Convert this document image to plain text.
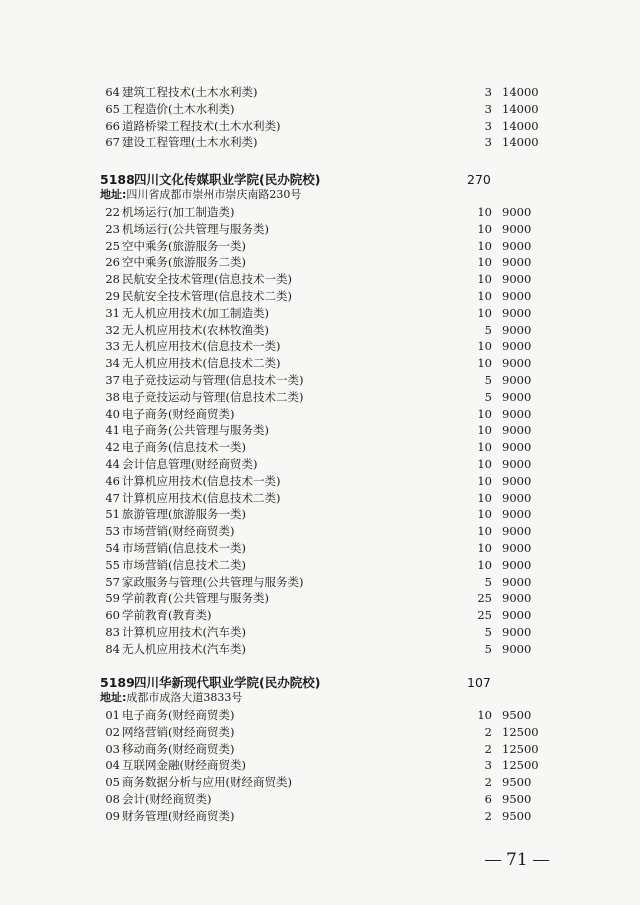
64 建筑工程技术(土木水利类)	3 14000
65 工程造价(土木水利类)	3 14000
66 道路桥梁工程技术(土木水利类)	3 14000
67 建设工程管理(土木水利类)	3 14000
5188 四川文化传媒职业学院(民办院校)	270
地址:四川省成都市崇州市崇庆南路230号
22 机场运行(加工制造类)	10 9000
23 机场运行(公共管理与服务类)	10 9000
25 空中乘务(旅游服务一类)	10 9000
26 空中乘务(旅游服务二类)	10 9000
28 民航安全技术管理(信息技术一类)	10 9000
29 民航安全技术管理(信息技术二类)	10 9000
31 无人机应用技术(加工制造类)	10 9000
32 无人机应用技术(农林牧渔类)	5 9000
33 无人机应用技术(信息技术一类)	10 9000
34 无人机应用技术(信息技术二类)	10 9000
37 电子竞技运动与管理(信息技术一类)	5 9000
38 电子竞技运动与管理(信息技术二类)	5 9000
40 电子商务(财经商贸类)	10 9000
41 电子商务(公共管理与服务类)	10 9000
42 电子商务(信息技术一类)	10 9000
44 会计信息管理(财经商贸类)	10 9000
46 计算机应用技术(信息技术一类)	10 9000
47 计算机应用技术(信息技术二类)	10 9000
51 旅游管理(旅游服务一类)	10 9000
53 市场营销(财经商贸类)	10 9000
54 市场营销(信息技术一类)	10 9000
55 市场营销(信息技术二类)	10 9000
57 家政服务与管理(公共管理与服务类)	5 9000
59 学前教育(公共管理与服务类)	25 9000
60 学前教育(教育类)	25 9000
83 计算机应用技术(汽车类)	5 9000
84 无人机应用技术(汽车类)	5 9000
5189 四川华新现代职业学院(民办院校)	107
地址:成都市成洛大道3833号
01 电子商务(财经商贸类)	10 9500
02 网络营销(财经商贸类)	2 12500
03 移动商务(财经商贸类)	2 12500
04 互联网金融(财经商贸类)	3 12500
05 商务数据分析与应用(财经商贸类)	2 9500
08 会计(财经商贸类)	6 9500
09 财务管理(财经商贸类)	2 9500
71
